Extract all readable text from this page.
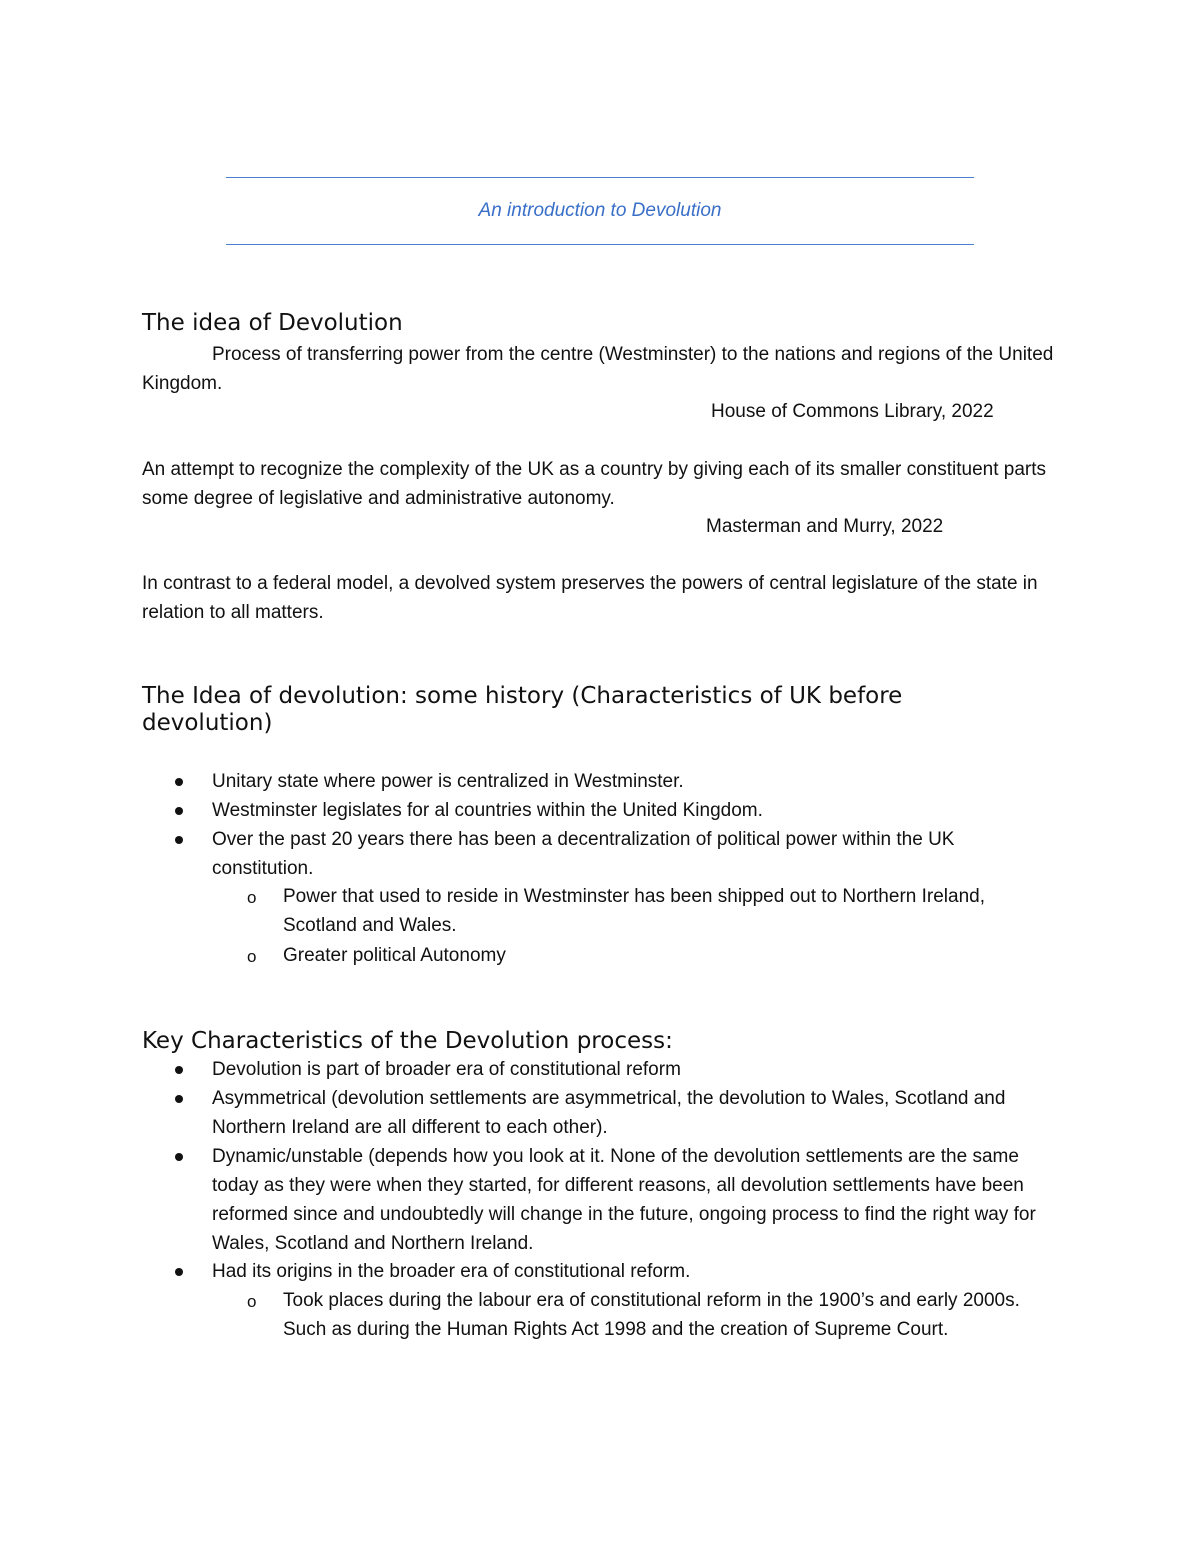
An introduction to Devolution
The idea of Devolution
Process of transferring power from the centre (Westminster) to the nations and regions of the United Kingdom.
House of Commons Library, 2022
An attempt to recognize the complexity of the UK as a country by giving each of its smaller constituent parts some degree of legislative and administrative autonomy.
Masterman and Murry, 2022
In contrast to a federal model, a devolved system preserves the powers of central legislature of the state in relation to all matters.
The Idea of devolution: some history (Characteristics of UK before devolution)
Unitary state where power is centralized in Westminster.
Westminster legislates for al countries within the United Kingdom.
Over the past 20 years there has been a decentralization of political power within the UK constitution.
o Power that used to reside in Westminster has been shipped out to Northern Ireland, Scotland and Wales.
o Greater political Autonomy
Key Characteristics of the Devolution process:
Devolution is part of broader era of constitutional reform
Asymmetrical (devolution settlements are asymmetrical, the devolution to Wales, Scotland and Northern Ireland are all different to each other).
Dynamic/unstable (depends how you look at it. None of the devolution settlements are the same today as they were when they started, for different reasons, all devolution settlements have been reformed since and undoubtedly will change in the future, ongoing process to find the right way for Wales, Scotland and Northern Ireland.
Had its origins in the broader era of constitutional reform.
o Took places during the labour era of constitutional reform in the 1900’s and early 2000s. Such as during the Human Rights Act 1998 and the creation of Supreme Court.
